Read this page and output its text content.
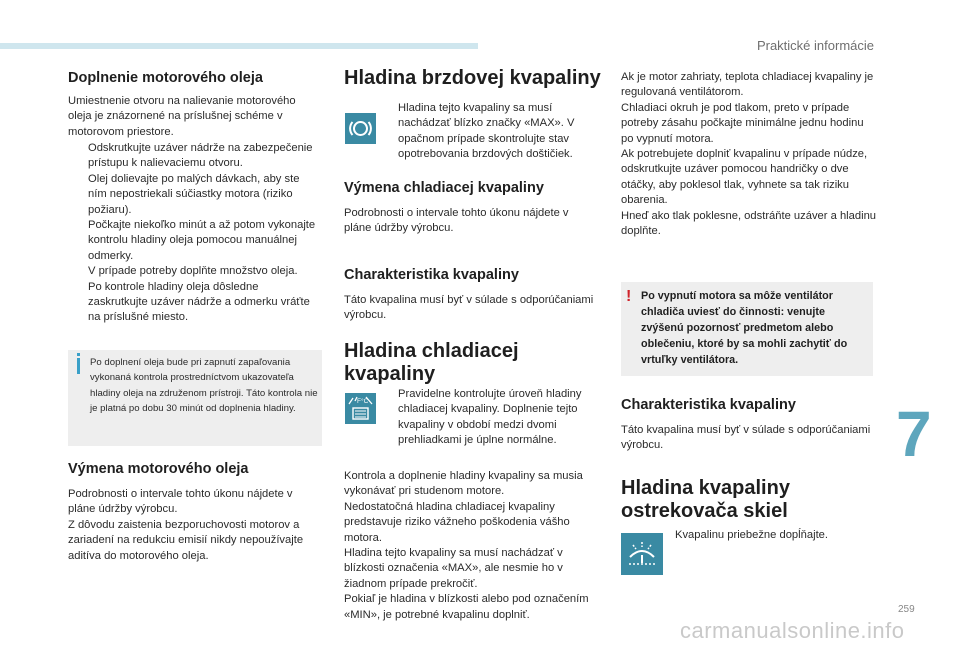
Praktické informácie
Doplnenie motorového oleja
Umiestnenie otvoru na nalievanie motorového oleja je znázornené na príslušnej schéme v motorovom priestore.
Odskrutkujte uzáver nádrže na zabezpečenie prístupu k nalievaciemu otvoru.
Olej dolievajte po malých dávkach, aby ste ním nepostriekali súčiastky motora (riziko požiaru).
Počkajte niekoľko minút a až potom vykonajte kontrolu hladiny oleja pomocou manuálnej odmerky.
V prípade potreby doplňte množstvo oleja.
Po kontrole hladiny oleja dôsledne zaskrutkujte uzáver nádrže a odmerku vráťte na príslušné miesto.
Po doplnení oleja bude pri zapnutí zapaľovania vykonaná kontrola prostredníctvom ukazovateľa hladiny oleja na združenom prístroji. Táto kontrola nie je platná po dobu 30 minút od doplnenia hladiny.
Výmena motorového oleja
Podrobnosti o intervale tohto úkonu nájdete v pláne údržby výrobcu.
Z dôvodu zaistenia bezporuchovosti motorov a zariadení na redukciu emisií nikdy nepoužívajte aditíva do motorového oleja.
Hladina brzdovej kvapaliny
Hladina tejto kvapaliny sa musí nachádzať blízko značky «MAX». V opačnom prípade skontrolujte stav opotrebovania brzdových doštičiek.
Výmena chladiacej kvapaliny
Podrobnosti o intervale tohto úkonu nájdete v pláne údržby výrobcu.
Charakteristika kvapaliny
Táto kvapalina musí byť v súlade s odporúčaniami výrobcu.
Hladina chladiacej kvapaliny
F °C
Pravidelne kontrolujte úroveň hladiny chladiacej kvapaliny. Doplnenie tejto kvapaliny v období medzi dvomi prehliadkami je úplne normálne.
Kontrola a doplnenie hladiny kvapaliny sa musia vykonávať pri studenom motore.
Nedostatočná hladina chladiacej kvapaliny predstavuje riziko vážneho poškodenia vášho motora.
Hladina tejto kvapaliny sa musí nachádzať v blízkosti označenia «MAX», ale nesmie ho v žiadnom prípade prekročiť.
Pokiaľ je hladina v blízkosti alebo pod označením «MIN», je potrebné kvapalinu doplniť.
Ak je motor zahriaty, teplota chladiacej kvapaliny je regulovaná ventilátorom.
Chladiaci okruh je pod tlakom, preto v prípade potreby zásahu počkajte minimálne jednu hodinu po vypnutí motora.
Ak potrebujete doplniť kvapalinu v prípade núdze, odskrutkujte uzáver pomocou handričky o dve otáčky, aby poklesol tlak, vyhnete sa tak riziku obarenia.
Hneď ako tlak poklesne, odstráňte uzáver a hladinu doplňte.
! Po vypnutí motora sa môže ventilátor chladiča uviesť do činnosti: venujte zvýšenú pozornosť predmetom alebo oblečeniu, ktoré by sa mohli zachytiť do vrtuľky ventilátora.
Charakteristika kvapaliny
Táto kvapalina musí byť v súlade s odporúčaniami výrobcu.
Hladina kvapaliny ostrekovača skiel
Kvapalinu priebežne dopĺňajte.
7
259
carmanualsonline.info
